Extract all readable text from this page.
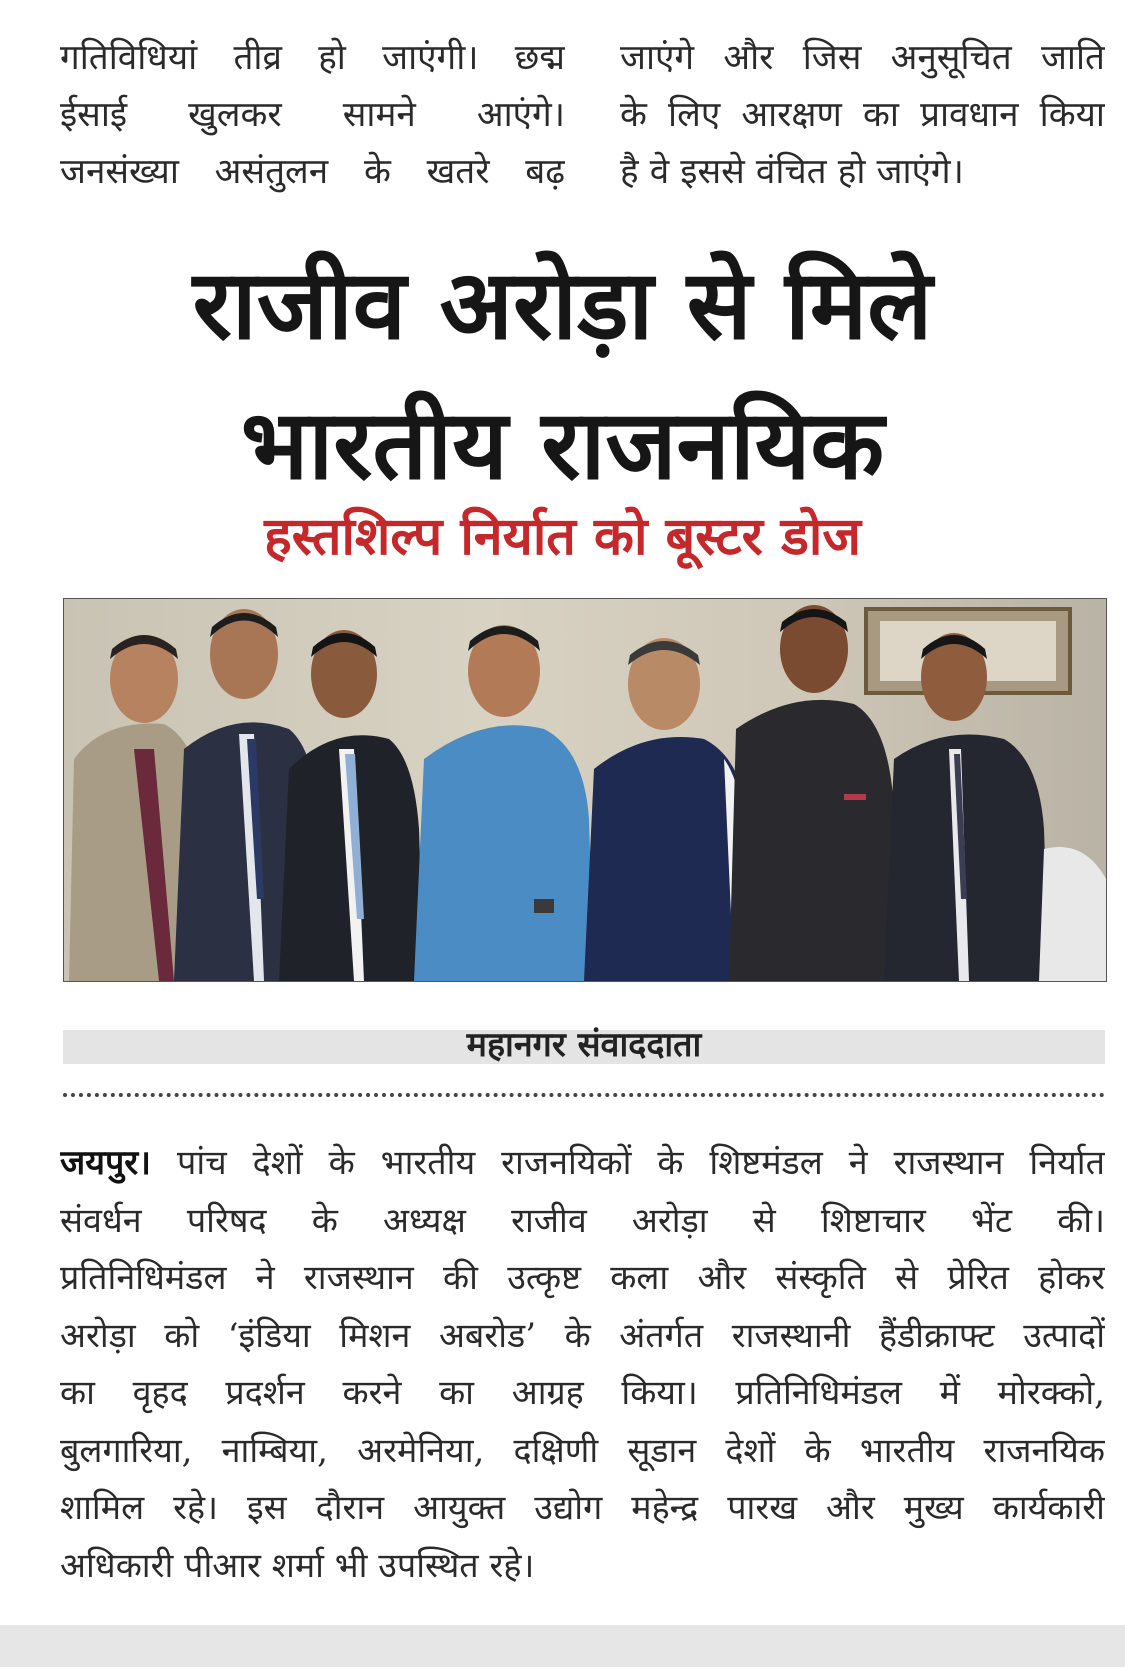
गतिविधियां तीव्र हो जाएंगी। छद्म
ईसाई खुलकर सामने आएंगे।
जनसंख्या असंतुलन के खतरे बढ़
जाएंगे और जिस अनुसूचित जाति
के लिए आरक्षण का प्रावधान किया
है वे इससे वंचित हो जाएंगे।
राजीव अरोड़ा से मिले
भारतीय राजनयिक
हस्तशिल्प निर्यात को बूस्टर डोज
महानगर संवाददाता
जयपुर। पांच देशों के भारतीय राजनयिकों के शिष्टमंडल ने राजस्थान निर्यात
संवर्धन परिषद के अध्यक्ष राजीव अरोड़ा से शिष्टाचार भेंट की।
प्रतिनिधिमंडल ने राजस्थान की उत्कृष्ट कला और संस्कृति से प्रेरित होकर
अरोड़ा को ‘इंडिया मिशन अबरोड’ के अंतर्गत राजस्थानी हैंडीक्राफ्ट उत्पादों
का वृहद प्रदर्शन करने का आग्रह किया। प्रतिनिधिमंडल में मोरक्को,
बुलगारिया, नाम्बिया, अरमेनिया, दक्षिणी सूडान देशों के भारतीय राजनयिक
शामिल रहे। इस दौरान आयुक्त उद्योग महेन्द्र पारख और मुख्य कार्यकारी
अधिकारी पीआर शर्मा भी उपस्थित रहे।
